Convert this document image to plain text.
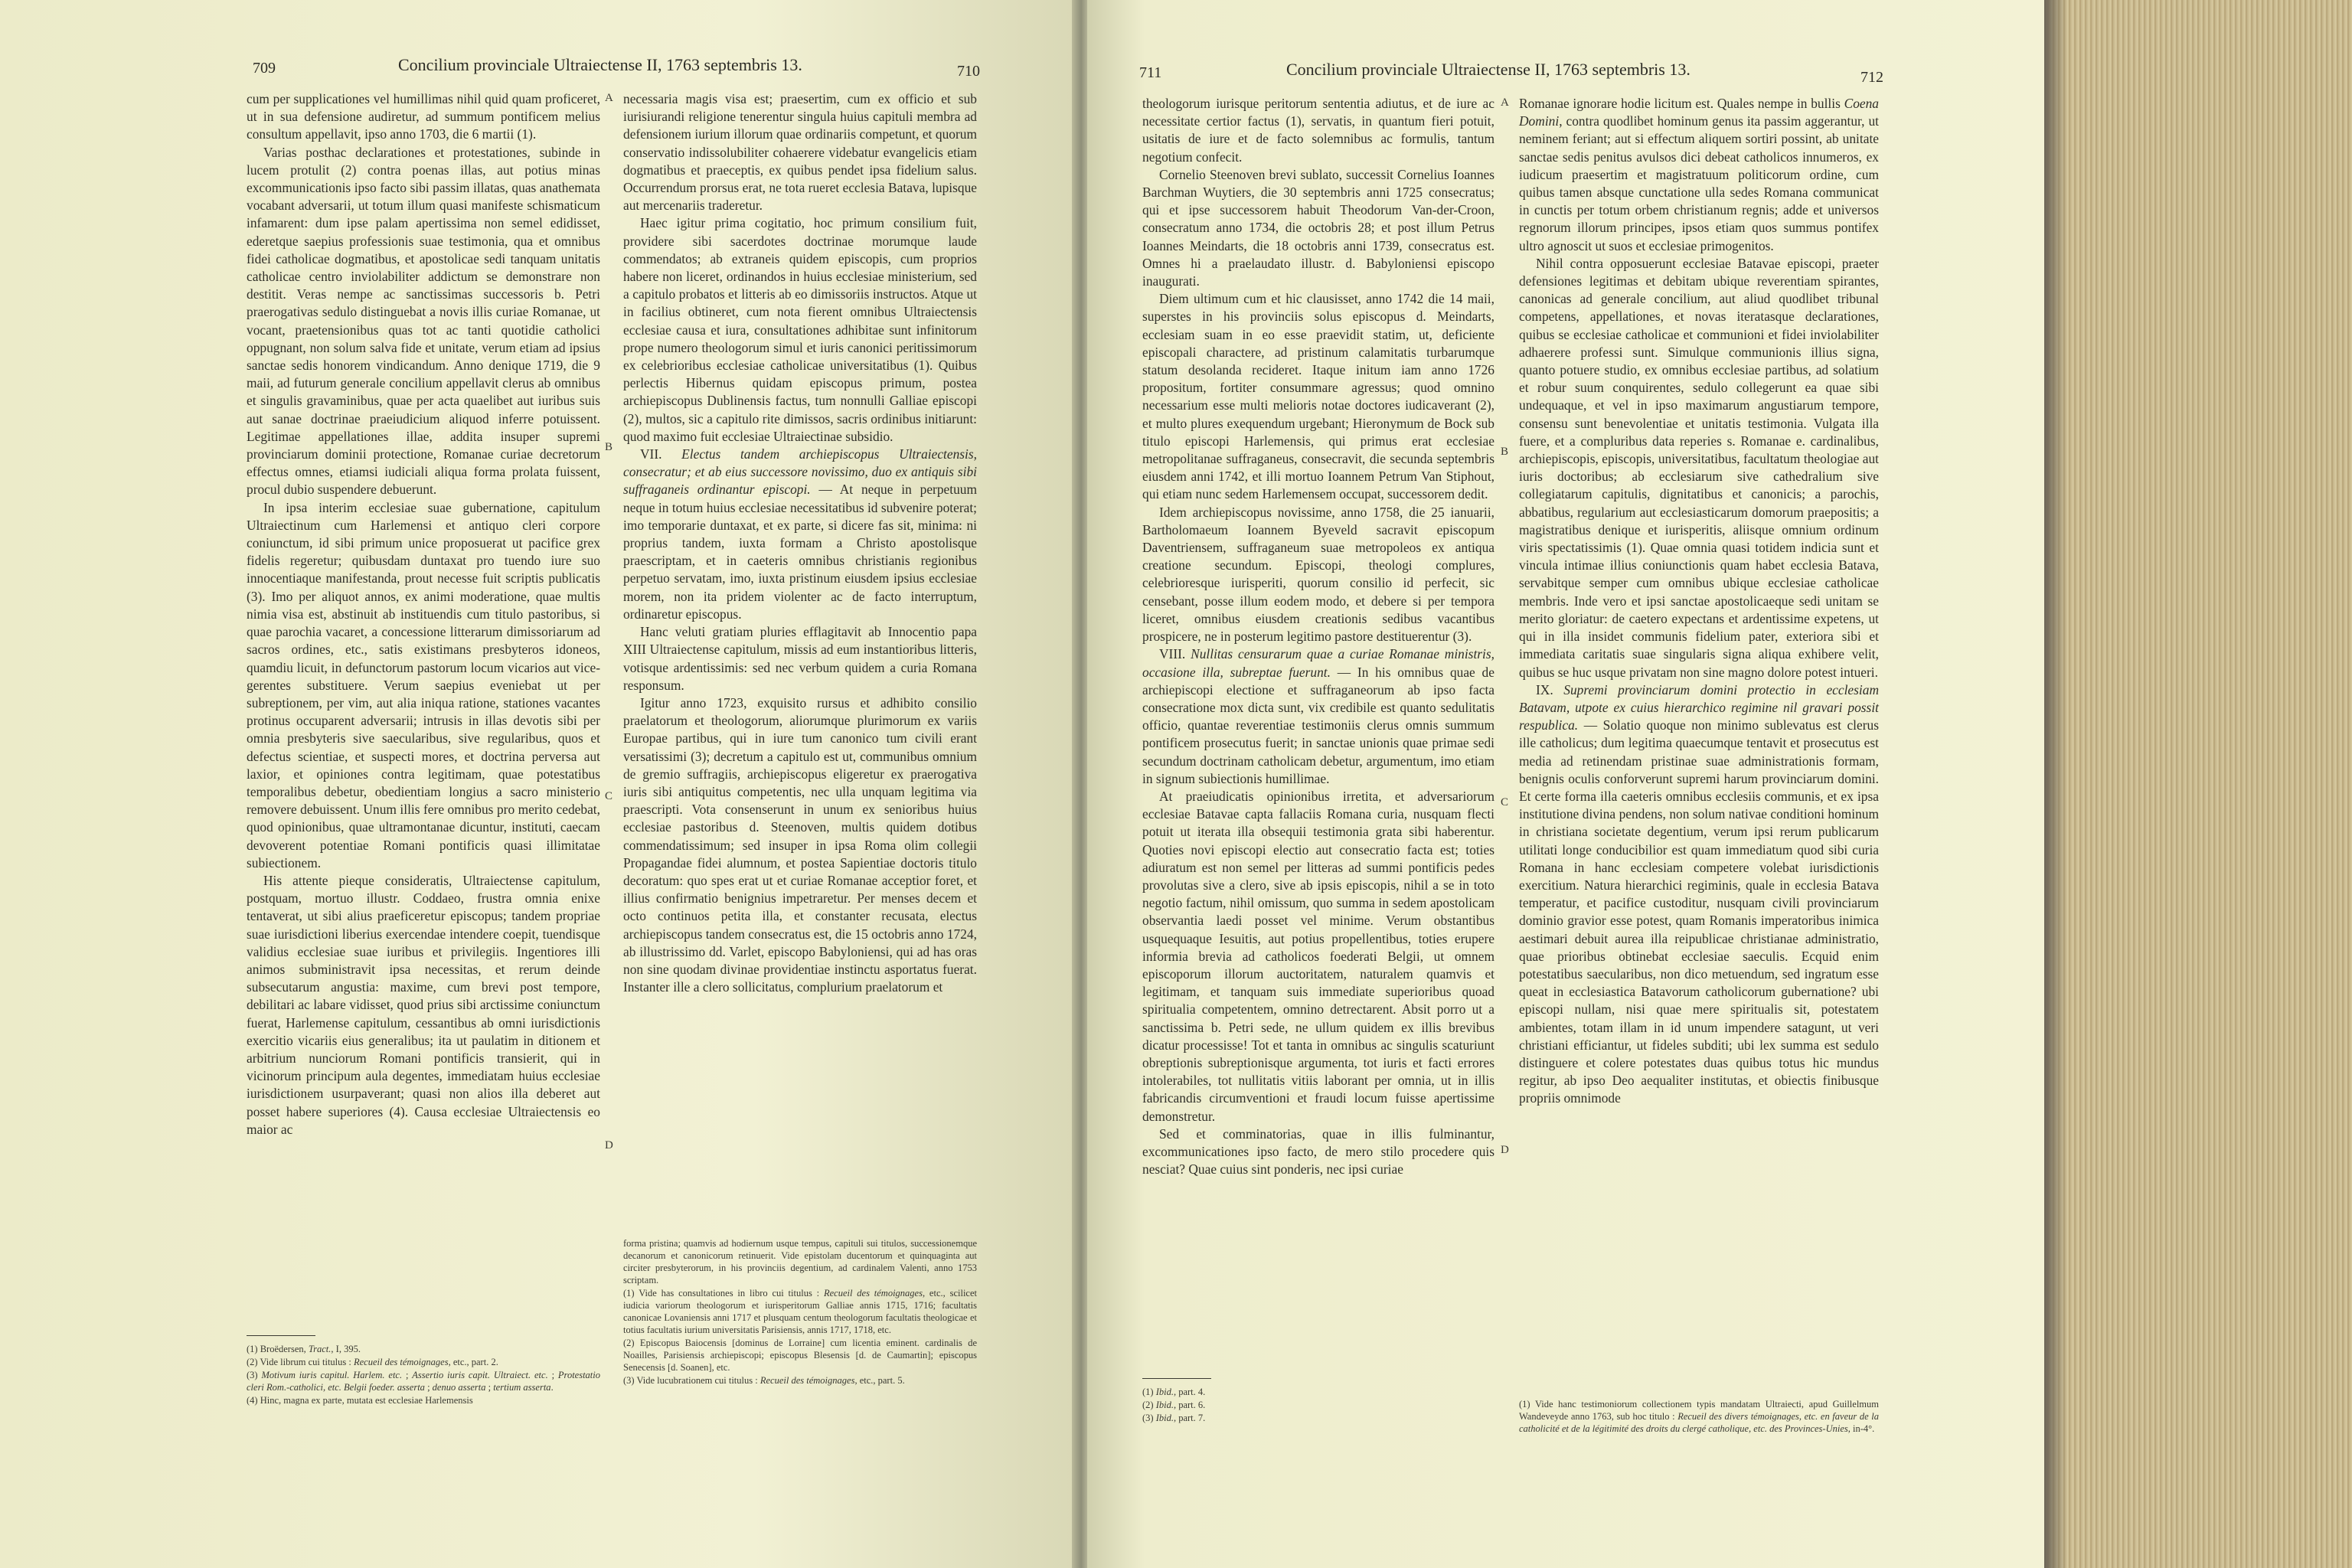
709	Concilium provinciale Ultraiectense II, 1763 septembris 13.	710

cum per supplicationes vel humillimas nihil quid quam proficeret, ut in sua defensione audiretur, ad summum pontificem melius consultum appellavit, ipso anno 1703, die 6 martii (1).

Varias posthac declarationes et protestationes, subinde in lucem protulit (2) contra poenas illas, aut potius minas excommunicationis ipso facto sibi passim illatas, quas anathemata vocabant adversarii, ut totum illum quasi manifeste schismaticum infamarent: dum ipse palam apertissima non semel edidisset, ederetque saepius professionis suae testimonia, qua et omnibus fidei catholicae dogmatibus, et apostolicae sedi tanquam unitatis catholicae centro inviolabiliter addictum se demonstrare non destitit. Veras nempe ac sanctissimas successoris b. Petri praerogativas sedulo distinguebat a novis illis curiae Romanae, ut vocant, praetensionibus quas tot ac tanti quotidie catholici oppugnant, non solum salva fide et unitate, verum etiam ad ipsius sanctae sedis honorem vindicandum. Anno denique 1719, die 9 maii, ad futurum generale concilium appellavit clerus ab omnibus et singulis gravaminibus, quae per acta quaelibet aut iuribus suis aut sanae doctrinae praeiudicium aliquod inferre potuissent. Legitimae appellationes illae, addita insuper supremi provinciarum dominii protectione, Romanae curiae decretorum effectus omnes, etiamsi iudiciali aliqua forma prolata fuissent, procul dubio suspendere debuerunt.

In ipsa interim ecclesiae suae gubernatione, capitulum Ultraiectinum cum Harlemensi et antiquo cleri corpore coniunctum, id sibi primum unice proposuerat ut pacifice grex fidelis regeretur; quibusdam duntaxat pro tuendo iure suo innocentiaque manifestanda, prout necesse fuit scriptis publicatis (3). Imo per aliquot annos, ex animi moderatione, quae multis nimia visa est, abstinuit ab instituendis cum titulo pastoribus, si quae parochia vacaret, a concessione litterarum dimissoriarum ad sacros ordines, etc., satis existimans presbyteros idoneos, quamdiu licuit, in defunctorum pastorum locum vicarios aut vice-gerentes substituere. Verum saepius eveniebat ut per subreptionem, per vim, aut alia iniqua ratione, stationes vacantes protinus occuparent adversarii; intrusis in illas devotis sibi per omnia presbyteris sive saecularibus, sive regularibus, quos et defectus scientiae, et suspecti mores, et doctrina perversa aut laxior, et opiniones contra legitimam, quae potestatibus temporalibus debetur, obedientiam longius a sacro ministerio removere debuissent. Unum illis fere omnibus pro merito cedebat, quod opinionibus, quae ultramontanae dicuntur, instituti, caecam devoverent potentiae Romani pontificis quasi illimitatae subiectionem.

His attente pieque consideratis, Ultraiectense capitulum, postquam, mortuo illustr. Coddaeo, frustra omnia enixe tentaverat, ut sibi alius praeficeretur episcopus; tandem propriae suae iurisdictioni liberius exercendae intendere coepit, tuendisque validius ecclesiae suae iuribus et privilegiis. Ingentiores illi animos subministravit ipsa necessitas, et rerum deinde subsecutarum angustia: maxime, cum brevi post tempore, debilitari ac labare vidisset, quod prius sibi arctissime coniunctum fuerat, Harlemense capitulum, cessantibus ab omni iurisdictionis exercitio vicariis eius generalibus; ita ut paulatim in ditionem et arbitrium nunciorum Romani pontificis transierit, qui in vicinorum principum aula degentes, immediatam huius ecclesiae iurisdictionem usurpaverant; quasi non alios illa deberet aut posset habere superiores (4). Causa ecclesiae Ultraiectensis eo maior ac

necessaria magis visa est; praesertim, cum ex officio et sub iurisiurandi religione tenerentur singula huius capituli membra ad defensionem iurium illorum quae ordinariis competunt, et quorum conservatio indissolubiliter cohaerere videbatur evangelicis etiam dogmatibus et praeceptis, ex quibus pendet ipsa fidelium salus. Occurrendum prorsus erat, ne tota rueret ecclesia Batava, lupisque aut mercenariis traderetur.

Haec igitur prima cogitatio, hoc primum consilium fuit, providere sibi sacerdotes doctrinae morumque laude commendatos; ab extraneis quidem episcopis, cum proprios habere non liceret, ordinandos in huius ecclesiae ministerium, sed a capitulo probatos et litteris ab eo dimissoriis instructos. Atque ut in facilius obtineret, cum nota fierent omnibus Ultraiectensis ecclesiae causa et iura, consultationes adhibitae sunt infinitorum prope numero theologorum simul et iuris canonici peritissimorum ex celebrioribus ecclesiae catholicae universitatibus (1). Quibus perlectis Hibernus quidam episcopus primum, postea archiepiscopus Dublinensis factus, tum nonnulli Galliae episcopi (2), multos, sic a capitulo rite dimissos, sacris ordinibus initiarunt: quod maximo fuit ecclesiae Ultraiectinae subsidio.

VII. Electus tandem archiepiscopus Ultraiectensis, consecratur; et ab eius successore novissimo, duo ex antiquis sibi suffraganeis ordinantur episcopi. — At neque in perpetuum neque in totum huius ecclesiae necessitatibus id subvenire poterat; imo temporarie duntaxat, et ex parte, si dicere fas sit, minima: ni proprius tandem, iuxta formam a Christo apostolisque praescriptam, et in caeteris omnibus christianis regionibus perpetuo servatam, imo, iuxta pristinum eiusdem ipsius ecclesiae morem, non ita pridem violenter ac de facto interruptum, ordinaretur episcopus.

Hanc veluti gratiam pluries efflagitavit ab Innocentio papa XIII Ultraiectense capitulum, missis ad eum instantioribus litteris, votisque ardentissimis: sed nec verbum quidem a curia Romana responsum.

Igitur anno 1723, exquisito rursus et adhibito consilio praelatorum et theologorum, aliorumque plurimorum ex variis Europae partibus, qui in iure tum canonico tum civili erant versatissimi (3); decretum a capitulo est ut, communibus omnium de gremio suffragiis, archiepiscopus eligeretur ex praerogativa iuris sibi antiquitus competentis, nec ulla unquam legitima via praescripti. Vota consenserunt in unum ex senioribus huius ecclesiae pastoribus d. Steenoven, multis quidem dotibus commendatissimum; sed insuper in ipsa Roma olim collegii Propagandae fidei alumnum, et postea Sapientiae doctoris titulo decoratum: quo spes erat ut et curiae Romanae acceptior foret, et illius confirmatio benignius impetraretur. Per menses decem et octo continuos petita illa, et constanter recusata, electus archiepiscopus tandem consecratus est, die 15 octobris anno 1724, ab illustrissimo dd. Varlet, episcopo Babyloniensi, qui ad has oras non sine quodam divinae providentiae instinctu asportatus fuerat. Instanter ille a clero sollicitatus, complurium praelatorum et

A
B
C
D
(1) Broëdersen, Tract., I, 395.
(2) Vide librum cui titulus : Recueil des témoignages, etc., part. 2.
(3) Motivum iuris capitul. Harlem. etc. ; Assertio iuris capit. Ultraiect. etc. ; Protestatio cleri Rom.-catholici, etc. Belgii foeder. asserta ; denuo asserta ; tertium asserta.
(4) Hinc, magna ex parte, mutata est ecclesiae Harlemensis
forma pristina; quamvis ad hodiernum usque tempus, capituli sui titulos, successionemque decanorum et canonicorum retinuerit. Vide epistolam ducentorum et quinquaginta aut circiter presbyterorum, in his provinciis degentium, ad cardinalem Valenti, anno 1753 scriptam.
(1) Vide has consultationes in libro cui titulus : Recueil des témoignages, etc., scilicet iudicia variorum theologorum et iurisperitorum Galliae annis 1715, 1716; facultatis canonicae Lovaniensis anni 1717 et plusquam centum theologorum facultatis theologicae et totius facultatis iurium universitatis Parisiensis, annis 1717, 1718, etc.
(2) Episcopus Baiocensis [dominus de Lorraine] cum licentia eminent. cardinalis de Noailles, Parisiensis archiepiscopi; episcopus Blesensis [d. de Caumartin]; episcopus Senecensis [d. Soanen], etc.
(3) Vide lucubrationem cui titulus : Recueil des témoignages, etc., part. 5.
711	Concilium provinciale Ultraiectense II, 1763 septembris 13.	712

theologorum iurisque peritorum sententia adiutus, et de iure ac necessitate certior factus (1), servatis, in quantum fieri potuit, usitatis de iure et de facto solemnibus ac formulis, tantum negotium confecit.

Cornelio Steenoven brevi sublato, successit Cornelius Ioannes Barchman Wuytiers, die 30 septembris anni 1725 consecratus; qui et ipse successorem habuit Theodorum Van-der-Croon, consecratum anno 1734, die octobris 28; et post illum Petrus Ioannes Meindarts, die 18 octobris anni 1739, consecratus est. Omnes hi a praelaudato illustr. d. Babyloniensi episcopo inaugurati.

Diem ultimum cum et hic clausisset, anno 1742 die 14 maii, superstes in his provinciis solus episcopus d. Meindarts, ecclesiam suam in eo esse praevidit statim, ut, deficiente episcopali charactere, ad pristinum calamitatis turbarumque statum desolanda recideret. Itaque initum iam anno 1726 propositum, fortiter consummare agressus; quod omnino necessarium esse multi melioris notae doctores iudicaverant (2), et multo plures exequendum urgebant; Hieronymum de Bock sub titulo episcopi Harlemensis, qui primus erat ecclesiae metropolitanae suffraganeus, consecravit, die secunda septembris eiusdem anni 1742, et illi mortuo Ioannem Petrum Van Stiphout, qui etiam nunc sedem Harlemensem occupat, successorem dedit.

Idem archiepiscopus novissime, anno 1758, die 25 ianuarii, Bartholomaeum Ioannem Byeveld sacravit episcopum Daventriensem, suffraganeum suae metropoleos ex antiqua creatione secundum. Episcopi, theologi complures, celebrioresque iurisperiti, quorum consilio id perfecit, sic censebant, posse illum eodem modo, et debere si per tempora liceret, omnibus eiusdem creationis sedibus vacantibus prospicere, ne in posterum legitimo pastore destituerentur (3).

VIII. Nullitas censurarum quae a curiae Romanae ministris, occasione illa, subreptae fuerunt. — In his omnibus quae de archiepiscopi electione et suffraganeorum ab ipso facta consecratione mox dicta sunt, vix credibile est quanto sedulitatis officio, quantae reverentiae testimoniis clerus omnis summum pontificem prosecutus fuerit; in sanctae unionis quae primae sedi secundum doctrinam catholicam debetur, argumentum, imo etiam in signum subiectionis humillimae.

At praeiudicatis opinionibus irretita, et adversariorum ecclesiae Batavae capta fallaciis Romana curia, nusquam flecti potuit ut iterata illa obsequii testimonia grata sibi haberentur. Quoties novi episcopi electio aut consecratio facta est; toties adiuratum est non semel per litteras ad summi pontificis pedes provolutas sive a clero, sive ab ipsis episcopis, nihil a se in toto negotio factum, nihil omissum, quo summa in sedem apostolicam observantia laedi posset vel minime. Verum obstantibus usquequaque Iesuitis, aut potius propellentibus, toties erupere informia brevia ad catholicos foederati Belgii, ut omnem episcoporum illorum auctoritatem, naturalem quamvis et legitimam, et tanquam suis immediate superioribus quoad spiritualia competentem, omnino detrectarent. Absit porro ut a sanctissima b. Petri sede, ne ullum quidem ex illis brevibus dicatur processisse! Tot et tanta in omnibus ac singulis scaturiunt obreptionis subreptionisque argumenta, tot iuris et facti errores intolerabiles, tot nullitatis vitiis laborant per omnia, ut in illis fabricandis circumventioni et fraudi locum fuisse apertissime demonstretur.

Sed et comminatorias, quae in illis fulminantur, excommunicationes ipso facto, de mero stilo procedere quis nesciat? Quae cuius sint ponderis, nec ipsi curiae

Romanae ignorare hodie licitum est. Quales nempe in bullis Coena Domini, contra quodlibet hominum genus ita passim aggerantur, ut neminem feriant; aut si effectum aliquem sortiri possint, ab unitate sanctae sedis penitus avulsos dici debeat catholicos innumeros, ex iudicum praesertim et magistratuum politicorum ordine, cum quibus tamen absque cunctatione ulla sedes Romana communicat in cunctis per totum orbem christianum regnis; adde et universos regnorum illorum principes, ipsos etiam quos summus pontifex ultro agnoscit ut suos et ecclesiae primogenitos.

Nihil contra opposuerunt ecclesiae Batavae episcopi, praeter defensiones legitimas et debitam ubique reverentiam spirantes, canonicas ad generale concilium, aut aliud quodlibet tribunal competens, appellationes, et novas iteratasque declarationes, quibus se ecclesiae catholicae et communioni et fidei inviolabiliter adhaerere professi sunt. Simulque communionis illius signa, quanto potuere studio, ex omnibus ecclesiae partibus, ad solatium et robur suum conquirentes, sedulo collegerunt ea quae sibi undequaque, et vel in ipso maximarum angustiarum tempore, consensu sunt benevolentiae et unitatis testimonia. Vulgata illa fuere, et a compluribus data reperies s. Romanae e. cardinalibus, archiepiscopis, episcopis, universitatibus, facultatum theologiae aut iuris doctoribus; ab ecclesiarum sive cathedralium sive collegiatarum capitulis, dignitatibus et canonicis; a parochis, abbatibus, regularium aut ecclesiasticarum domorum praepositis; a magistratibus denique et iurisperitis, aliisque omnium ordinum viris spectatissimis (1). Quae omnia quasi totidem indicia sunt et vincula intimae illius coniunctionis quam habet ecclesia Batava, servabitque semper cum omnibus ubique ecclesiae catholicae membris. Inde vero et ipsi sanctae apostolicaeque sedi unitam se merito gloriatur: de caetero expectans et ardentissime expetens, ut qui in illa insidet communis fidelium pater, exteriora sibi et immediata caritatis suae singularis signa aliqua exhibere velit, quibus se huc usque privatam non sine magno dolore potest intueri.

IX. Supremi provinciarum domini protectio in ecclesiam Batavam, utpote ex cuius hierarchico regimine nil gravari possit respublica. — Solatio quoque non minimo sublevatus est clerus ille catholicus; dum legitima quaecumque tentavit et prosecutus est media ad retinendam pristinae suae administrationis formam, benignis oculis conforverunt supremi harum provinciarum domini. Et certe forma illa caeteris omnibus ecclesiis communis, et ex ipsa institutione divina pendens, non solum nativae conditioni hominum in christiana societate degentium, verum ipsi rerum publicarum utilitati longe conducibilior est quam immediatum quod sibi curia Romana in hanc ecclesiam competere volebat iurisdictionis exercitium. Natura hierarchici regiminis, quale in ecclesia Batava temperatur, et pacifice custoditur, nusquam civili provinciarum dominio gravior esse potest, quam Romanis imperatoribus inimica aestimari debuit aurea illa reipublicae christianae administratio, quae prioribus obtinebat ecclesiae saeculis. Ecquid enim potestatibus saecularibus, non dico metuendum, sed ingratum esse queat in ecclesiastica Batavorum catholicorum gubernatione? ubi episcopi nullam, nisi quae mere spiritualis sit, potestatem ambientes, totam illam in id unum impendere satagunt, ut veri christiani efficiantur, ut fideles subditi; ubi lex summa est sedulo distinguere et colere potestates duas quibus totus hic mundus regitur, ab ipso Deo aequaliter institutas, et obiectis finibusque propriis omnimode

A
B
C
D
(1) Ibid., part. 4.
(2) Ibid., part. 6.
(3) Ibid., part. 7.
(1) Vide hanc testimoniorum collectionem typis mandatam Ultraiecti, apud Guillelmum Wandeveyde anno 1763, sub hoc titulo : Recueil des divers témoignages, etc. en faveur de la catholicité et de la légitimité des droits du clergé catholique, etc. des Provinces-Unies, in-4°.
